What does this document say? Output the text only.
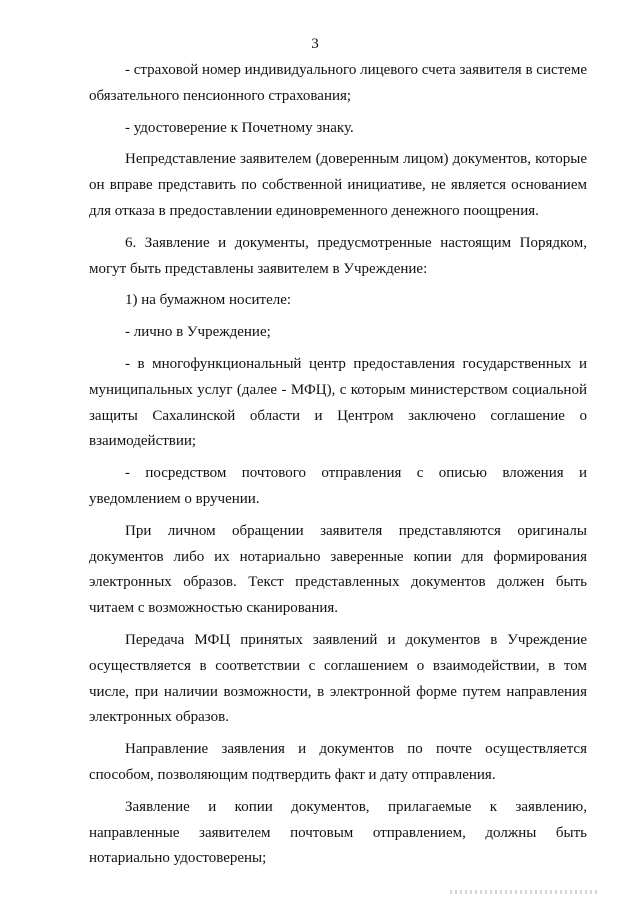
3

- страховой номер индивидуального лицевого счета заявителя в системе обязательного пенсионного страхования;

- удостоверение к Почетному знаку.

Непредставление заявителем (доверенным лицом) документов, которые он вправе представить по собственной инициативе, не является основанием для отказа в предоставлении единовременного денежного поощрения.

6. Заявление и документы, предусмотренные настоящим Порядком, могут быть представлены заявителем в Учреждение:

1) на бумажном носителе:

- лично в Учреждение;

- в многофункциональный центр предоставления государственных и муниципальных услуг (далее - МФЦ), с которым министерством социальной защиты Сахалинской области и Центром заключено соглашение о взаимодействии;

- посредством почтового отправления с описью вложения и уведомлением о вручении.

При личном обращении заявителя представляются оригиналы документов либо их нотариально заверенные копии для формирования электронных образов. Текст представленных документов должен быть читаем с возможностью сканирования.

Передача МФЦ принятых заявлений и документов в Учреждение осуществляется в соответствии с соглашением о взаимодействии, в том числе, при наличии возможности, в электронной форме путем направления электронных образов.

Направление заявления и документов по почте осуществляется способом, позволяющим подтвердить факт и дату отправления.

Заявление и копии документов, прилагаемые к заявлению, направленные заявителем почтовым отправлением, должны быть нотариально удостоверены;
